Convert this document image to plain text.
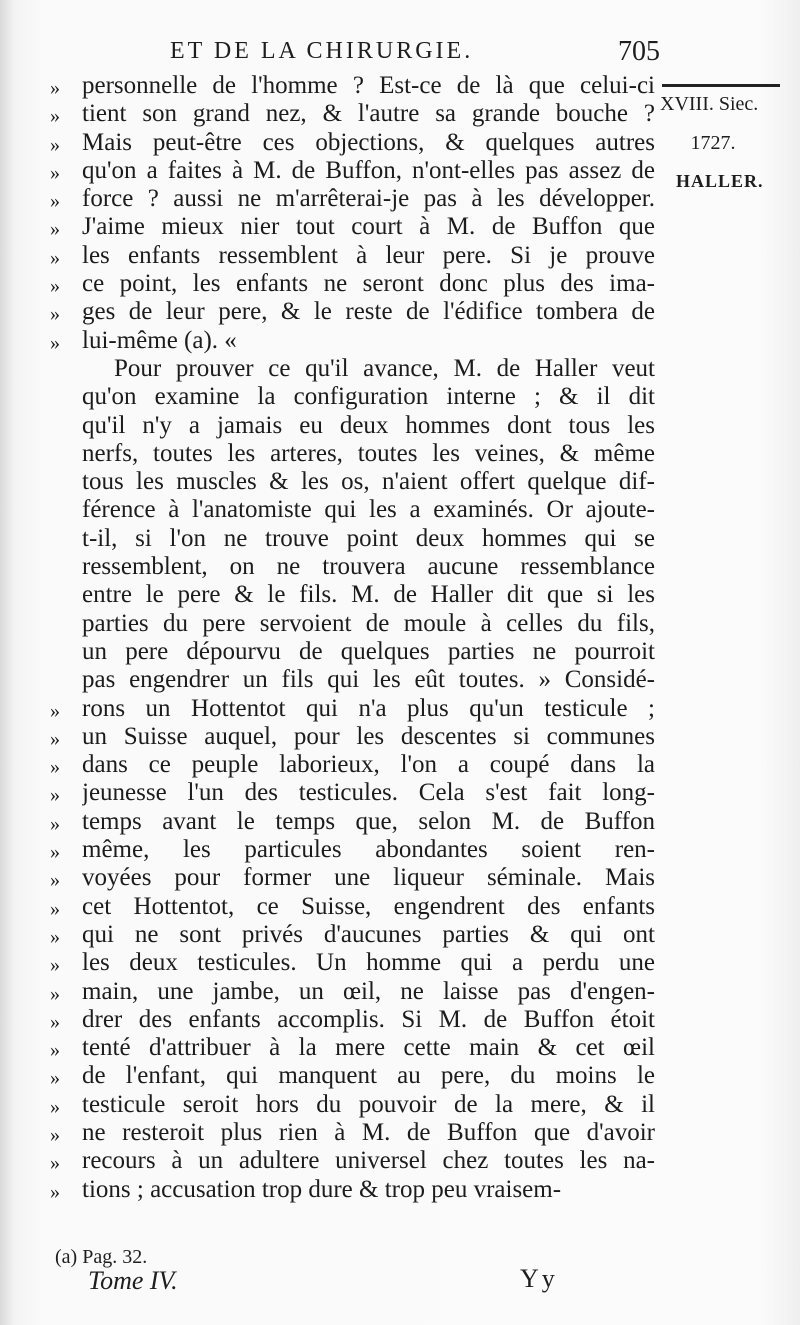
ET DE LA CHIRURGIE.	705
XVIII. Siec.
1727.
HALLER.
» personnelle de l'homme ? Est-ce de là que celui-ci
» tient son grand nez, & l'autre sa grande bouche ?
» Mais peut-être ces objections, & quelques autres
» qu'on a faites à M. de Buffon, n'ont-elles pas assez de
» force ? aussi ne m'arrêterai-je pas à les développer.
» J'aime mieux nier tout court à M. de Buffon que
» les enfants ressemblent à leur pere. Si je prouve
» ce point, les enfants ne seront donc plus des ima-
» ges de leur pere, & le reste de l'édifice tombera de
» lui-même (a). «
Pour prouver ce qu'il avance, M. de Haller veut
qu'on examine la configuration interne ; & il dit
qu'il n'y a jamais eu deux hommes dont tous les
nerfs, toutes les arteres, toutes les veines, & même
tous les muscles & les os, n'aient offert quelque dif-
férence à l'anatomiste qui les a examinés. Or ajoute-
t-il, si l'on ne trouve point deux hommes qui se
ressemblent, on ne trouvera aucune ressemblance
entre le pere & le fils. M. de Haller dit que si les
parties du pere servoient de moule à celles du fils,
un pere dépourvu de quelques parties ne pourroit
pas engendrer un fils qui les eût toutes. » Considé-
» rons un Hottentot qui n'a plus qu'un testicule ;
» un Suisse auquel, pour les descentes si communes
» dans ce peuple laborieux, l'on a coupé dans la
» jeunesse l'un des testicules. Cela s'est fait long-
» temps avant le temps que, selon M. de Buffon
» même, les particules abondantes soient ren-
» voyées pour former une liqueur séminale. Mais
» cet Hottentot, ce Suisse, engendrent des enfants
» qui ne sont privés d'aucunes parties & qui ont
» les deux testicules. Un homme qui a perdu une
» main, une jambe, un œil, ne laisse pas d'engen-
» drer des enfants accomplis. Si M. de Buffon étoit
» tenté d'attribuer à la mere cette main & cet œil
» de l'enfant, qui manquent au pere, du moins le
» testicule seroit hors du pouvoir de la mere, & il
» ne resteroit plus rien à M. de Buffon que d'avoir
» recours à un adultere universel chez toutes les na-
» tions ; accusation trop dure & trop peu vraisem-
(a) Pag. 32.
Tome IV.	Yy
